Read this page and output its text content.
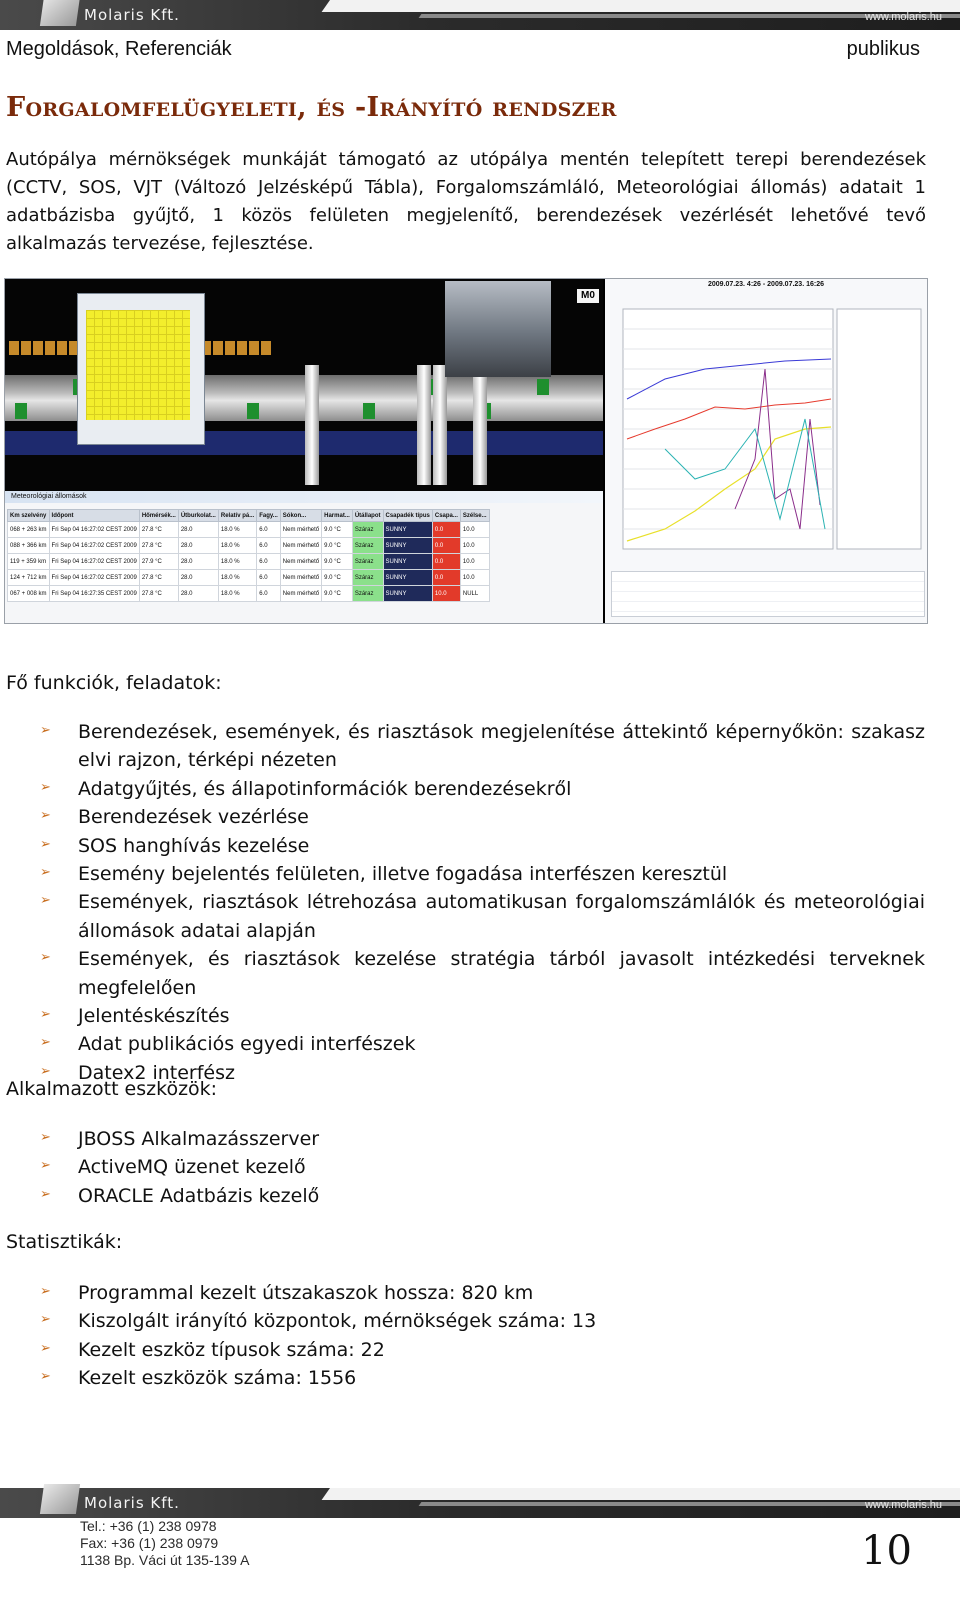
Molaris Kft.	www.molaris.hu
Megoldások, Referenciák	publikus
Forgalomfelügyeleti, és -Irányító rendszer

Autópálya mérnökségek munkáját támogató az utópálya mentén telepített terepi berendezések (CCTV, SOS, VJT (Változó Jelzésképű Tábla), Forgalomszámláló, Meteorológiai állomás) adatait 1 adatbázisba gyűjtő, 1 közös felületen megjelenítő, berendezések vezérlését lehetővé tevő alkalmazás tervezése, fejlesztése.

M0
Meteorológiai állomások
Km szelvény	Időpont	Hőmérsék...	Útburkolat...	Relatív pá...	Fagy...	Sókon...	Harmat...	Útállapot	Csapadék típus	Csapa...	Szélse...
068 + 263 km	Fri Sep 04 16:27:02 CEST 2009	27.8 °C	28.0	18.0 %	6.0	Nem mérhető	9.0 °C	Száraz	SUNNY	0.0	10.0
088 + 366 km	Fri Sep 04 16:27:02 CEST 2009	27.8 °C	28.0	18.0 %	6.0	Nem mérhető	9.0 °C	Száraz	SUNNY	0.0	10.0
119 + 359 km	Fri Sep 04 16:27:02 CEST 2009	27.9 °C	28.0	18.0 %	6.0	Nem mérhető	9.0 °C	Száraz	SUNNY	0.0	10.0
124 + 712 km	Fri Sep 04 16:27:02 CEST 2009	27.8 °C	28.0	18.0 %	6.0	Nem mérhető	9.0 °C	Száraz	SUNNY	0.0	10.0
067 + 008 km	Fri Sep 04 16:27:35 CEST 2009	27.8 °C	28.0	18.0 %	6.0	Nem mérhető	9.0 °C	Száraz	SUNNY	10.0	NULL
2009.07.23. 4:26 - 2009.07.23. 16:26

Fő funkciók, feladatok:

➢ Berendezések, események, és riasztások megjelenítése áttekintő képernyőkön: szakasz elvi rajzon, térképi nézeten
➢ Adatgyűjtés, és állapotinformációk berendezésekről
➢ Berendezések vezérlése
➢ SOS hanghívás kezelése
➢ Esemény bejelentés felületen, illetve fogadása interfészen keresztül
➢ Események, riasztások létrehozása automatikusan forgalomszámlálók és meteorológiai állomások adatai alapján
➢ Események, és riasztások kezelése stratégia tárból javasolt intézkedési terveknek megfelelően
➢ Jelentéskészítés
➢ Adat publikációs egyedi interfészek
➢ Datex2 interfész

Alkalmazott eszközök:

➢ JBOSS Alkalmazásszerver
➢ ActiveMQ üzenet kezelő
➢ ORACLE Adatbázis kezelő

Statisztikák:

➢ Programmal kezelt útszakaszok hossza: 820 km
➢ Kiszolgált irányító központok, mérnökségek száma: 13
➢ Kezelt eszköz típusok száma: 22
➢ Kezelt eszközök száma: 1556
Molaris Kft.	www.molaris.hu
Tel.: +36 (1) 238 0978
Fax: +36 (1) 238 0979
1138 Bp. Váci út 135-139 A	10
